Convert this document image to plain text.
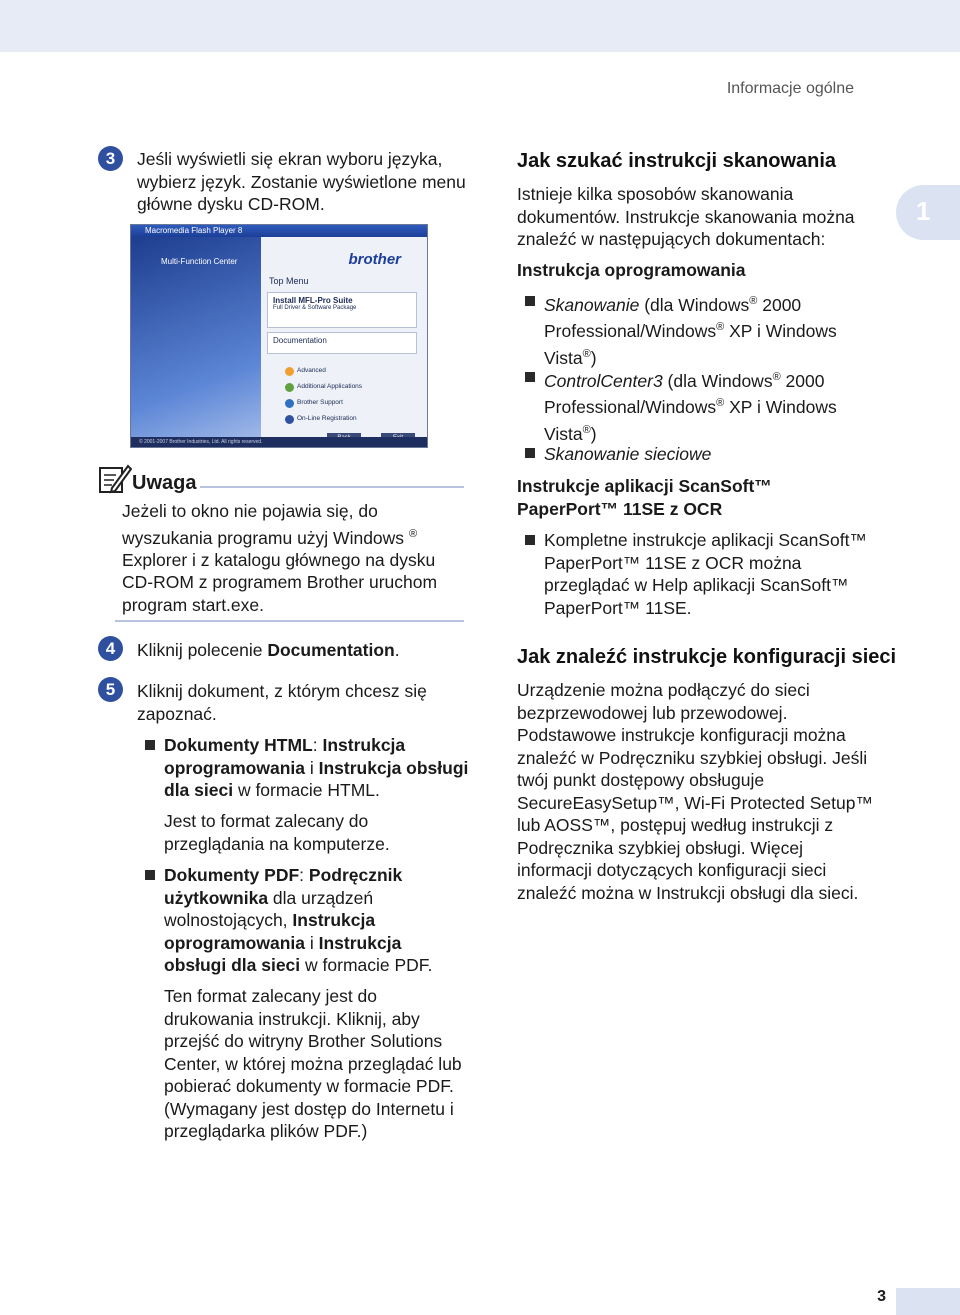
Informacje ogólne
1
3	Jeśli wyświetli się ekran wyboru języka, wybierz język. Zostanie wyświetlone menu główne dysku CD-ROM.
Macromedia Flash Player 8
Multi-Function Center	brother
Top Menu
Install MFL-Pro Suite
Full Driver & Software Package
Documentation
Advanced
Additional Applications
Brother Support
On-Line Registration
© 2001-2007 Brother Industries, Ltd. All rights reserved.
Uwaga
Jeżeli to okno nie pojawia się, do wyszukania programu użyj Windows ® Explorer i z katalogu głównego na dysku CD-ROM z programem Brother uruchom program start.exe.
4	Kliknij polecenie Documentation.
5	Kliknij dokument, z którym chcesz się zapoznać.
Dokumenty HTML: Instrukcja oprogramowania i Instrukcja obsługi dla sieci w formacie HTML.
Jest to format zalecany do przeglądania na komputerze.
Dokumenty PDF: Podręcznik użytkownika dla urządzeń wolnostojących, Instrukcja oprogramowania i Instrukcja obsługi dla sieci w formacie PDF.
Ten format zalecany jest do drukowania instrukcji. Kliknij, aby przejść do witryny Brother Solutions Center, w której można przeglądać lub pobierać dokumenty w formacie PDF. (Wymagany jest dostęp do Internetu i przeglądarka plików PDF.)
Jak szukać instrukcji skanowania
Istnieje kilka sposobów skanowania dokumentów. Instrukcje skanowania można znaleźć w następujących dokumentach:
Instrukcja oprogramowania
Skanowanie (dla Windows® 2000 Professional/Windows® XP i Windows Vista®)
ControlCenter3 (dla Windows® 2000 Professional/Windows® XP i Windows Vista®)
Skanowanie sieciowe
Instrukcje aplikacji ScanSoft™ PaperPort™ 11SE z OCR
Kompletne instrukcje aplikacji ScanSoft™ PaperPort™ 11SE z OCR można przeglądać w Help aplikacji ScanSoft™ PaperPort™ 11SE.
Jak znaleźć instrukcje konfiguracji sieci
Urządzenie można podłączyć do sieci bezprzewodowej lub przewodowej. Podstawowe instrukcje konfiguracji można znaleźć w Podręczniku szybkiej obsługi. Jeśli twój punkt dostępowy obsługuje SecureEasySetup™, Wi-Fi Protected Setup™ lub AOSS™, postępuj według instrukcji z Podręcznika szybkiej obsługi. Więcej informacji dotyczących konfiguracji sieci znaleźć można w Instrukcji obsługi dla sieci.
3
